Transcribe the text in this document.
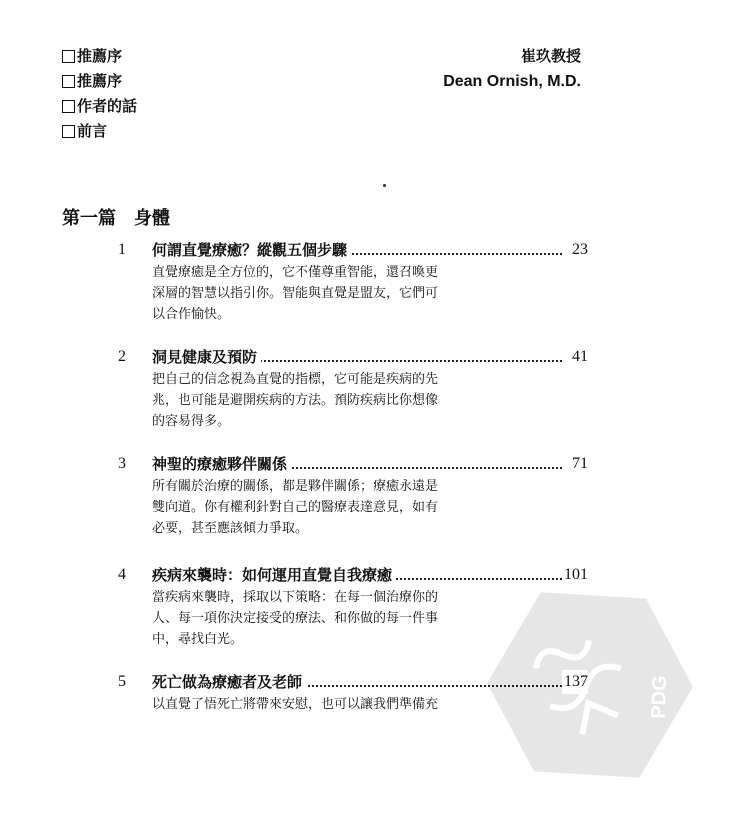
推薦序
推薦序
作者的話
前言
崔玖教授
Dean Ornish, M.D.
第一篇 身體
1 何謂直覺療癒？縱觀五個步驟	23
直覺療癒是全方位的，它不僅尊重智能，還召喚更
深層的智慧以指引你。智能與直覺是盟友，它們可
以合作愉快。
2 洞見健康及預防	41
把自己的信念視為直覺的指標，它可能是疾病的先
兆，也可能是避開疾病的方法。預防疾病比你想像
的容易得多。
3 神聖的療癒夥伴關係	71
所有關於治療的關係，都是夥伴關係；療癒永遠是
雙向道。你有權利針對自己的醫療表達意見，如有
必要，甚至應該傾力爭取。
4 疾病來襲時：如何運用直覺自我療癒	101
當疾病來襲時，採取以下策略：在每一個治療你的
人、每一項你決定接受的療法、和你做的每一件事
中，尋找白光。
5 死亡做為療癒者及老師	137
以直覺了悟死亡將帶來安慰，也可以讓我們準備充	PDG
